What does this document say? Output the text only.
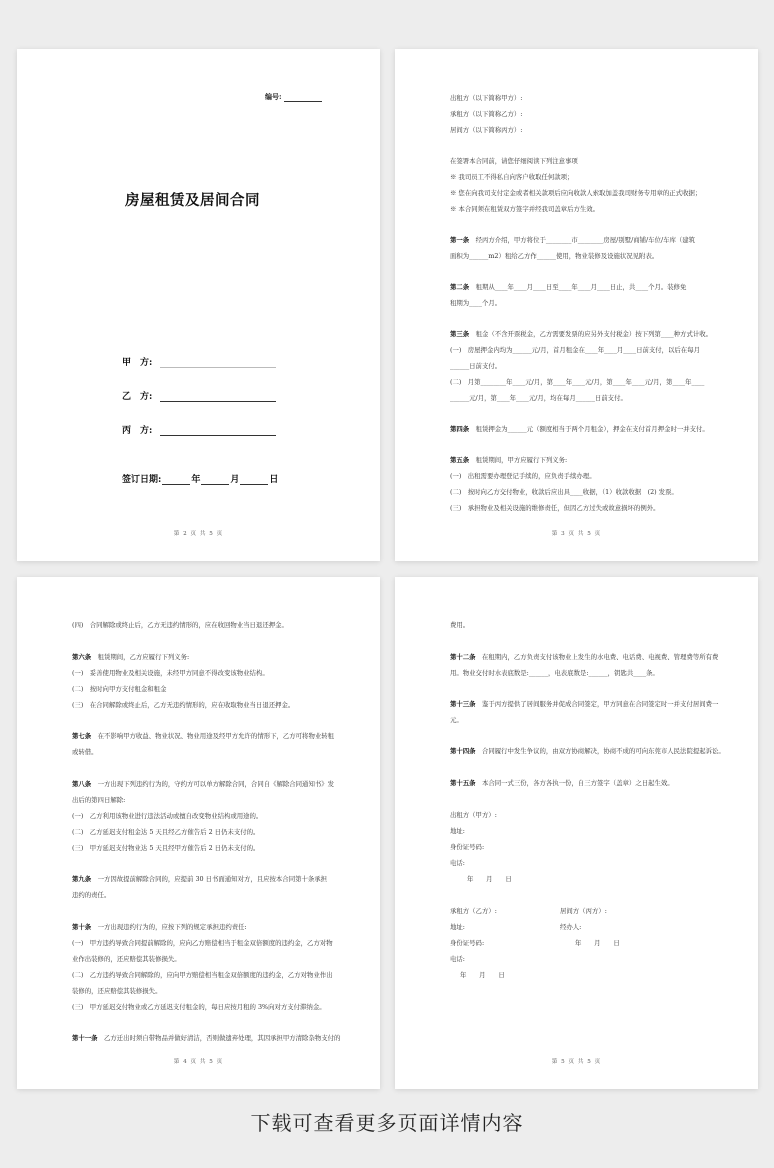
编号:
房屋租赁及居间合同
甲　方:
乙　方:
丙　方:
签订日期:	年	月	日
第 2 页 共 5 页
出租方（以下简称甲方）:
承租方（以下简称乙方）:
居间方（以下简称丙方）:
在签署本合同前，请您仔细阅读下列注意事项
※ 我司员工不得私自向客户收取任何款项；
※ 您在向我司支付定金或者相关款项后应向收款人索取加盖我司财务专用章的正式收据；
※ 本合同须在租赁双方签字并经我司盖章后方生效。
第一条　 经丙方介绍，甲方将位于________市________房屋/别墅/商铺/车位/车库（建筑
面积为______m2）租给乙方作______使用，物业装修及设施状况见附表。
第二条　 租期从____年____月____日至____年____月____日止，共____个月。装修免
租期为____个月。
第三条　 租金（不含开票税金，乙方需要发票的应另外支付税金）按下列第____种方式计收。
(一)　房屋押金内均为______元/月，首月租金在____年____月____日前支付，以后在每月
______日前支付。
(二)　月第________年____元/月，第____年____元/月，第____年____元/月，第____年____
______元/月，第____年____元/月，均在每月______日前支付。
第四条　 租赁押金为______元（额度相当于两个月租金），押金在支付首月押金时一并支付。
第五条　 租赁期间，甲方应履行下列义务:
(一)　出租需要办理登记手续的，应负责手续办理。
(二)　按时向乙方交付物业，收款后应出具____收据，（1）收款收据　(2) 发票。
(三)　承担物业及相关设施的维修责任，但因乙方过失或故意损坏的例外。
第 3 页 共 5 页
(四)　合同解除或终止后，乙方无违约情形的，应在收回物业当日退还押金。
第六条　 租赁期间，乙方应履行下列义务:
(一)　妥善使用物业及相关设施，未经甲方同意不得改变该物业结构。
(二)　按时向甲方支付租金和租金
(三)　在合同解除或终止后，乙方无违约情形的，应在收取物业当日退还押金。
第七条　 在不影响甲方收益、物业状况、物业用途及经甲方允许的情形下，乙方可将物业转租
或转借。
第八条　 一方出现下列违约行为的，守约方可以单方解除合同，合同自《解除合同通知书》发
出后的第四日解除:
(一)　乙方利用该物业进行违法活动或擅自改变物业结构或用途的。
(二)　乙方延迟支付租金达 5 天且经乙方催告后 2 日仍未支付的。
(三)　甲方延迟支付物业达 5 天且经甲方催告后 2 日仍未支付的。
第九条　 一方因故提前解除合同的，应提前 30 日书面通知对方，且应按本合同第十条承担
违约的责任。
第十条　 一方出现违约行为的，应按下列的规定承担违约责任:
(一)　甲方违约导致合同提前解除的，应向乙方赔偿相当于租金双倍额度的违约金，乙方对物
业作出装修的，还应赔偿其装修损失。
(二)　乙方违约导致合同解除的，应向甲方赔偿相当租金双倍额度的违约金，乙方对物业作出
装修的，还应赔偿其装修损失。
(三)　甲方延迟交付物业或乙方延迟支付租金的，每日应按月租的 3%向对方支付滞纳金。
第十一条　 乙方迁出时须自带物品并做好清洁，否则做遗弃处理，其因承担甲方清除杂物支付的
第 4 页 共 5 页
费用。
第十二条　 在租期内，乙方负责支付该物业上发生的水电费、电话费、电视费、管理费等所有费
用。物业交付时水表底数是:______，电表底数是:______，钥匙共____条。
第十三条　 鉴于丙方提供了居间服务并促成合同签定，甲方同意在合同签定时一并支付居间费一
元。
第十四条　 合同履行中发生争议的，由双方协商解决，协商不成的可向东莞市人民法院提起诉讼。
第十五条　 本合同一式三份，各方各执一份，自三方签字（盖章）之日起生效。
出租方（甲方）:
地址:
身份证号码:
电话:
年　　月　　日
承租方（乙方）:	居间方（丙方）:
地址:	经办人:
身份证号码:	年　　月　　日
电话:
年　　月　　日
第 5 页 共 5 页
下载可查看更多页面详情内容
